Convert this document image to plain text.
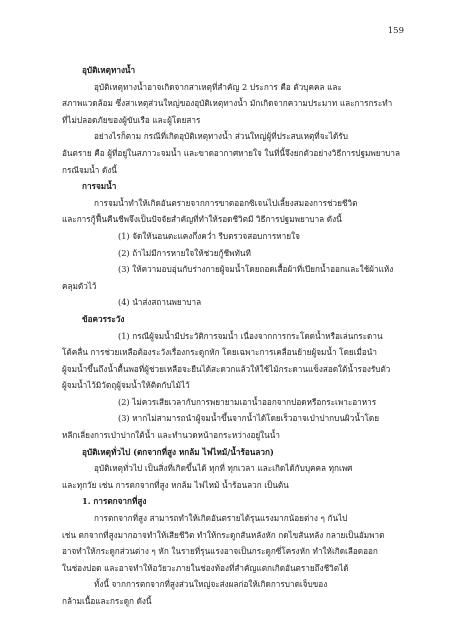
159
อุบัติเหตุทางน้ำ
อุบัติเหตุทางน้ำอาจเกิดจากสาเหตุที่สำคัญ 2 ประการ คือ ตัวบุคคล และ
สภาพแวดล้อม ซึ่งสาเหตุส่วนใหญ่ของอุบัติเหตุทางน้ำ มักเกิดจากความประมาท และการกระทำ
ที่ไม่ปลอดภัยของผู้ขับเรือ และผู้โดยสาร
อย่างไรก็ตาม กรณีที่เกิดอุบัติเหตุทางน้ำ ส่วนใหญ่ผู้ที่ประสบเหตุที่จะได้รับ
อันตราย คือ ผู้ที่อยู่ในสภาวะจมน้ำ และขาดอากาศหายใจ ในที่นี้จึงยกตัวอย่างวิธีการปฐมพยาบาล
กรณีจมน้ำ ดังนี้
การจมน้ำ
การจมน้ำทำให้เกิดอันตรายจากการขาดออกซิเจนไปเลี้ยงสมองการช่วยชีวิต
และการกู้ฟื้นคืนชีพจึงเป็นปัจจัยสำคัญที่ทำให้รอดชีวิตมี วิธีการปฐมพยาบาล ดังนี้
(1) จัดให้นอนตะแคงกึ่งคว่ำ รีบตรวจสอบการหายใจ
(2) ถ้าไม่มีการหายใจให้ช่วยกู้ชีพทันที
(3) ให้ความอบอุ่นกับร่างกายผู้จมน้ำโดยถอดเสื้อผ้าที่เปียกน้ำออกและใช้ผ้าแห้ง
คลุมตัวไว้
(4) นำส่งสถานพยาบาล
ข้อควรระวัง
(1) กรณีผู้จมน้ำมีประวัติการจมน้ำ เนื่องจากการกระโดดน้ำหรือเล่นกระดาน
โต้คลื่น การช่วยเหลือต้องระวังเรื่องกระดูกหัก โดยเฉพาะการเคลื่อนย้ายผู้จมน้ำ โดยเมื่อนำ
ผู้จมน้ำขึ้นถึงน้ำตื้นพอที่ผู้ช่วยเหลือจะยืนได้สะดวกแล้วให้ใช้ไม้กระดานแข็งสอดใต้น้ำรองรับตัว
ผู้จมน้ำไว้มิวัตถุผู้จมน้ำให้ติดกับไม้ไว้
(2) ไม่ควรเสียเวลากับการพยายามเอาน้ำออกจากปอดหรือกระเพาะอาหาร
(3) หากไม่สามารถนำผู้จมน้ำขึ้นจากน้ำได้โดยเร็วอาจเป่าปากบนผิวน้ำโดย
หลีกเลี่ยงการเป่าปากใต้น้ำ และทำนวดหน้าอกระหว่างอยู่ในน้ำ
อุบัติเหตุทั่วไป (ตกจากที่สูง หกล้ม ไฟไหม้/น้ำร้อนลวก)
อุบัติเหตุทั่วไป เป็นสิ่งที่เกิดขึ้นได้ ทุกที่ ทุกเวลา และเกิดได้กับบุคคล ทุกเพศ
และทุกวัย เช่น การตกจากที่สูง หกล้ม ไฟไหม้ น้ำร้อนลวก เป็นต้น
1. การตกจากที่สูง
การตกจากที่สูง สามารถทำให้เกิดอันตรายได้รุนแรงมากน้อยต่าง ๆ กันไป
เช่น ตกจากที่สูงมากอาจทำให้เสียชีวิต ทำให้กระดูกสันหลังหัก กดไขสันหลัง กลายเป็นอัมพาต
อาจทำให้กระดูกส่วนต่าง ๆ หัก ในรายที่รุนแรงอาจเป็นกระดูกซี่โครงหัก ทำให้เกิดเลือดออก
ในช่องปอด และอาจทำให้อวัยวะภายในช่องท้องที่สำคัญแตกเกิดอันตรายถึงชีวิตได้
ทั้งนี้ จากการตกจากที่สูงส่วนใหญ่จะส่งผลก่อให้เกิดการบาดเจ็บของ
กล้ามเนื้อและกระดูก ดังนี้
